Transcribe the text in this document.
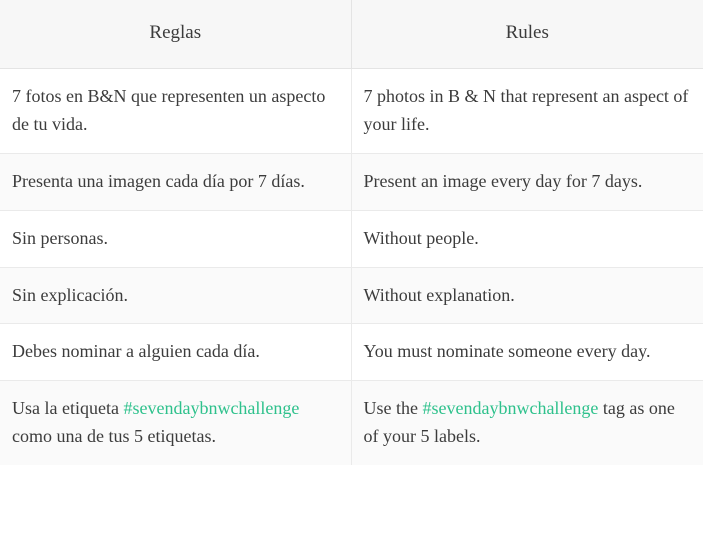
Reglas	Rules
7 fotos en B&N que representen un aspecto de tu vida.	7 photos in B & N that represent an aspect of your life.
Presenta una imagen cada día por 7 días.	Present an image every day for 7 days.
Sin personas.	Without people.
Sin explicación.	Without explanation.
Debes nominar a alguien cada día.	You must nominate someone every day.
Usa la etiqueta #sevendaybnwchallenge como una de tus 5 etiquetas.	Use the #sevendaybnwchallenge tag as one of your 5 labels.
